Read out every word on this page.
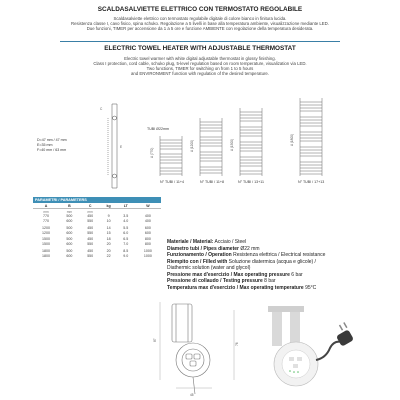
SCALDASALVIETTE ELETTRICO CON TERMOSTATO REGOLABILE
Scaldasalviette elettrico con termostato regolabile digitale di colore bianco in finitura lucida.
Resistenza classe I, cavo fisico, spina schuko. Regolazione a 5 livelli in base alla temperatura ambiente, visualizzazione mediante LED.
Due funzioni, TIMER per accensione da 1 a 5 ore e funzione AMBIENTE con regolazione della temperatura desiderata.
ELECTRIC TOWEL HEATER WITH ADJUSTABLE THERMOSTAT
Electric towel warmer with white digital adjustable thermostat in glossy finishing.
Class I protection, cord cable, schuko plug, 5-level regulation based on room temperature, visualization via LED.
Two functions, TIMER for switching on from 1 to 5 hours
and ENVIRONMENT function with regulation of the desired temperature.
C
E
D=47 mm / 47 mm
E=35 mm
F=40 mm / 63 mm
TUBI Ø22mm
A (770)
N° TUBI / 11+4
A (1200)
N° TUBI / 11+8
A (1500)
N° TUBI / 13+11
A (1800)
N° TUBI / 17+13
PARAMETRI / PARAMETERS					
A	B	C	kg	LT	W
mm	mm	mm			
770	500	450	9	3.5	400
770	600	550	10	4.0	400

1200	500	450	14	5.5	600
1200	600	550	15	6.0	600

1500	500	450	18	6.5	800
1500	600	550	20	7.0	800

1800	500	450	20	8.5	1000
1800	600	550	22	9.0	1000
Materiale / Material: Acciaio / Steel
Diametro tubi / Pipes diameter Ø22 mm
Funzionamento / Operation Resistenza elettrica / Electrical resistance
Riempito con / Filled with Soluzione diatermica (acqua e glicole) /
Diathermic solution (water and glycol)
Pressione max d'esercizio / Max operating pressure 6 bar
Pressione di collaudo / Testing pressure 8 bar
Temperatura max d'esercizio / Max operating temperature 95°C
45
87
76
